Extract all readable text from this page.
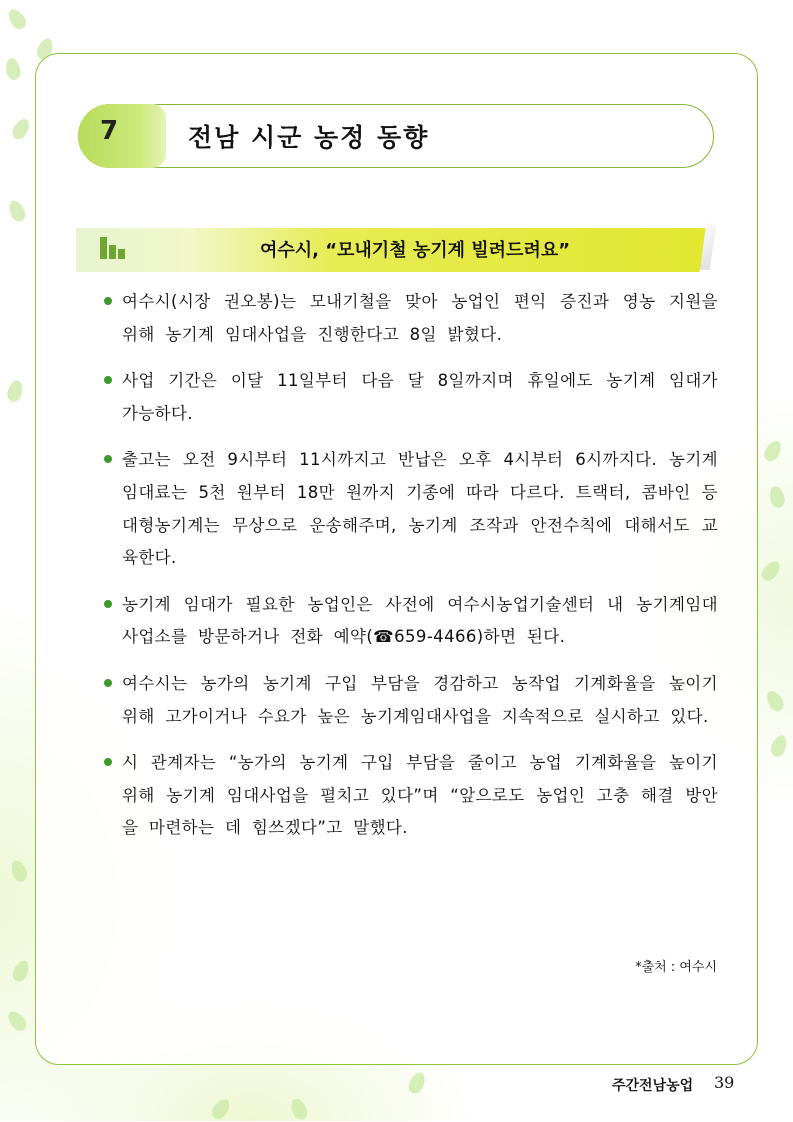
7	전남 시군 농정 동향
여수시, “모내기철 농기계 빌려드려요”

여수시(시장 권오봉)는 모내기철을 맞아 농업인 편익 증진과 영농 지원을 위해 농기계 임대사업을 진행한다고 8일 밝혔다.

사업 기간은 이달 11일부터 다음 달 8일까지며 휴일에도 농기계 임대가 가능하다.

출고는 오전 9시부터 11시까지고 반납은 오후 4시부터 6시까지다. 농기계 임대료는 5천 원부터 18만 원까지 기종에 따라 다르다. 트랙터, 콤바인 등 대형농기계는 무상으로 운송해주며, 농기계 조작과 안전수칙에 대해서도 교육한다.

농기계 임대가 필요한 농업인은 사전에 여수시농업기술센터 내 농기계임대사업소를 방문하거나 전화 예약(☎659-4466)하면 된다.

여수시는 농가의 농기계 구입 부담을 경감하고 농작업 기계화율을 높이기 위해 고가이거나 수요가 높은 농기계임대사업을 지속적으로 실시하고 있다.

시 관계자는 “농가의 농기계 구입 부담을 줄이고 농업 기계화율을 높이기 위해 농기계 임대사업을 펼치고 있다”며 “앞으로도 농업인 고충 해결 방안을 마련하는 데 힘쓰겠다”고 말했다.

*출처 : 여수시
주간전남농업 39
